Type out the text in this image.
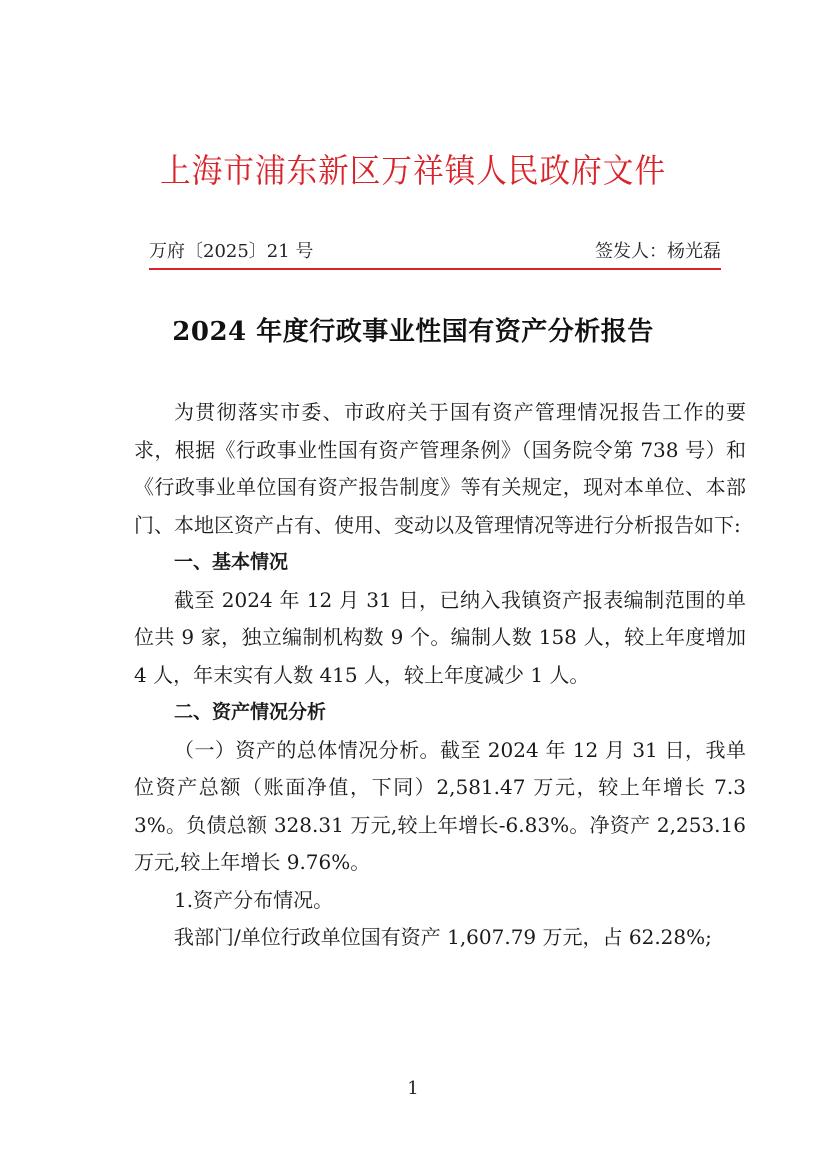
上海市浦东新区万祥镇人民政府文件
万府〔2025〕21 号	签发人：杨光磊
2024 年度行政事业性国有资产分析报告

为贯彻落实市委、市政府关于国有资产管理情况报告工作的要求，根据《行政事业性国有资产管理条例》（国务院令第 738 号）和《行政事业单位国有资产报告制度》等有关规定，现对本单位、本部门、本地区资产占有、使用、变动以及管理情况等进行分析报告如下:

一、基本情况

截至 2024 年 12 月 31 日，已纳入我镇资产报表编制范围的单位共 9 家，独立编制机构数 9 个。编制人数 158 人，较上年度增加 4 人，年末实有人数 415 人，较上年度减少 1 人。

二、资产情况分析

（一）资产的总体情况分析。截至 2024 年 12 月 31 日，我单位资产总额（账面净值，下同）2,581.47 万元，较上年增长 7.33%。负债总额 328.31 万元,较上年增长-6.83%。净资产 2,253.16 万元,较上年增长 9.76%。

1.资产分布情况。

我部门/单位行政单位国有资产 1,607.79 万元，占 62.28%;

1
